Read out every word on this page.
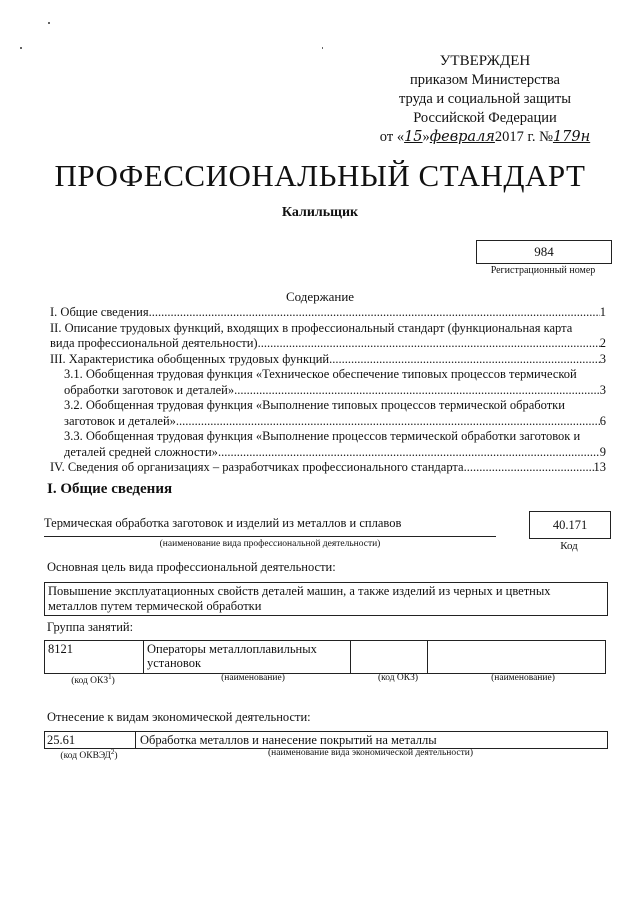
УТВЕРЖДЕН
приказом Министерства
труда и социальной защиты
Российской Федерации
от «15»февраля2017 г. №179н
ПРОФЕССИОНАЛЬНЫЙ СТАНДАРТ
Калильщик
984
Регистрационный номер
Содержание
I. Общие сведения .....	1
II. Описание трудовых функций, входящих в профессиональный стандарт (функциональная карта
вида профессиональной деятельности) .....	2
III. Характеристика обобщенных трудовых функций .....	3
3.1. Обобщенная трудовая функция «Техническое обеспечение типовых процессов термической
обработки заготовок и деталей» .....	3
3.2. Обобщенная трудовая функция «Выполнение типовых процессов термической обработки
заготовок и деталей» .....	6
3.3. Обобщенная трудовая функция «Выполнение процессов термической обработки заготовок и
деталей средней сложности» .....	9
IV. Сведения об организациях – разработчиках профессионального стандарта .....	13
I. Общие сведения
Термическая обработка заготовок и изделий из металлов и сплавов
(наименование вида профессиональной деятельности)
40.171
Код
Основная цель вида профессиональной деятельности:
Повышение эксплуатационных свойств деталей машин, а также изделий из черных и цветных
металлов путем термической обработки
Группа занятий:
8121	Операторы металлоплавильных
установок

(код ОКЗ$^1$)	(наименование)	(код ОКЗ)	(наименование)
Отнесение к видам экономической деятельности:
25.61	Обработка металлов и нанесение покрытий на металлы
(код ОКВЭД$^2$)	(наименование вида экономической деятельности)
